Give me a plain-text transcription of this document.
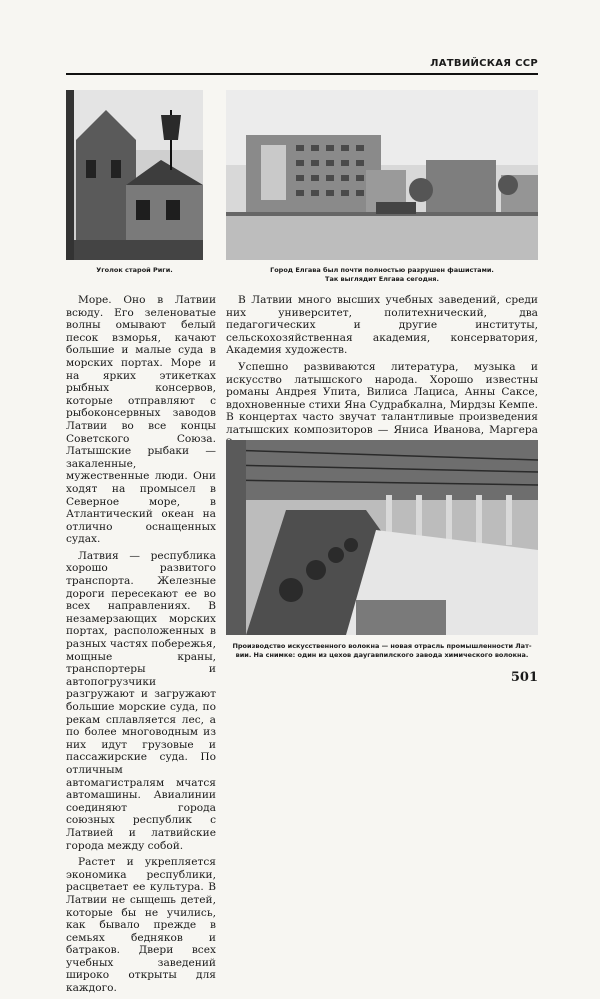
ЛАТВИЙСКАЯ ССР
Уголок старой Риги.	Город Елгава был почти полностью разрушен фашистами.
Так выглядит Елгава сегодня.

Море. Оно в Латвии всюду. Его зеленоватые волны омывают белый песок взморья, качают большие и малые суда в морских портах. Море и на ярких этикетках рыбных консервов, которые отправляют с рыбоконсервных заводов Латвии во все концы Советского Союза. Латышские рыбаки — закаленные, мужественные люди. Они ходят на промысел в Северное море, в Атлантический океан на отлично оснащенных судах.

Латвия — республика хорошо развитого транспорта. Железные дороги пересекают ее во всех направлениях. В незамерзающих морских портах, расположенных в разных частях побережья, мощные краны, транспортеры и автопогрузчики разгружают и загружают большие морские суда, по рекам сплавляется лес, а по более многоводным из них идут грузовые и пассажирские суда. По отличным автомагистралям мчатся автомашины. Авиалинии соединяют города союзных республик с Латвией и латвийские города между собой.

Растет и укрепляется экономика республики, расцветает ее культура. В Латвии не сыщешь детей, которые бы не учились, как бывало прежде в семьях бедняков и батраков. Двери всех учебных заведений широко открыты для каждого.

В Латвии много высших учебных заведений, среди них университет, политехнический, два педагогических и другие институты, сельскохозяйственная академия, консерватория, Академия художеств.

Успешно развиваются литература, музыка и искусство латышского народа. Хорошо известны романы Андрея Упита, Вилиса Лациса, Анны Саксе, вдохновенные стихи Яна Судрабкална, Мирдзы Кемпе. В концертах часто звучат талантливые произведения латышских композиторов — Яниса Иванова, Маргера

Производство искусственного волокна — новая отрасль промышленности Лат-
вии. На снимке: один из цехов даугавпилского завода химического волокна.
501
